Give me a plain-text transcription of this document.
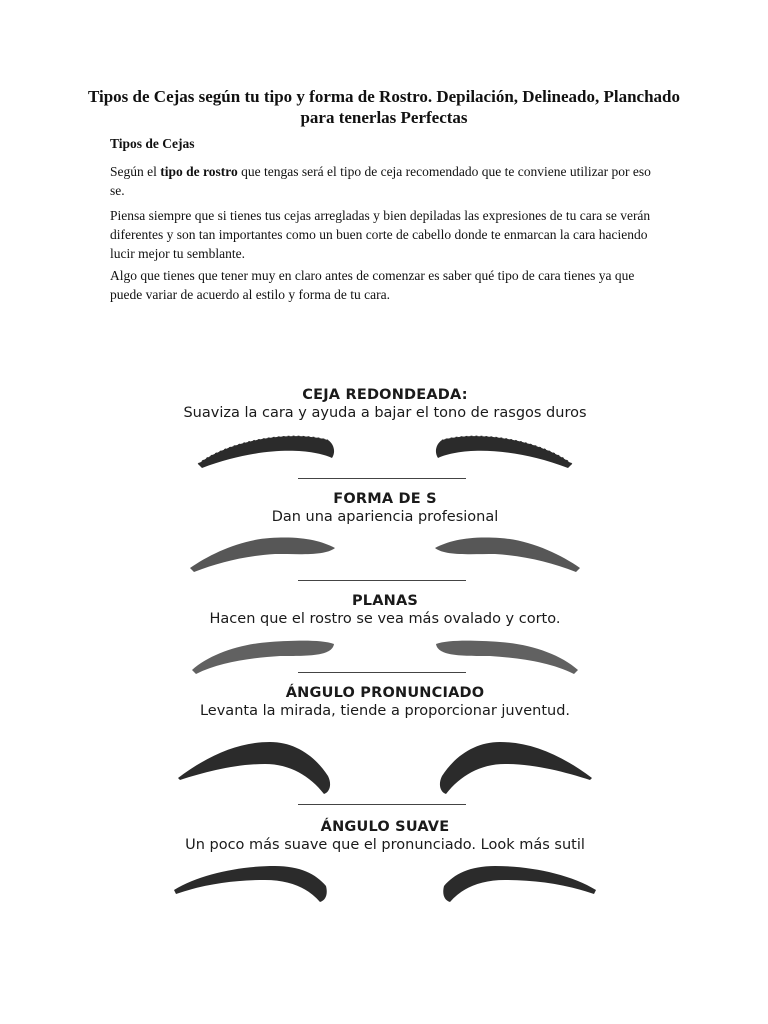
Tipos de Cejas según tu tipo y forma de Rostro. Depilación, Delineado, Planchado para tenerlas Perfectas
Tipos de Cejas

Según el tipo de rostro que tengas será el tipo de ceja recomendado que te conviene utilizar por eso se.

Piensa siempre que si tienes tus cejas arregladas y bien depiladas las expresiones de tu cara se verán diferentes y son tan importantes como un buen corte de cabello donde te enmarcan la cara haciendo lucir mejor tu semblante.

Algo que tienes que tener muy en claro antes de comenzar es saber qué tipo de cara tienes ya que puede variar de acuerdo al estilo y forma de tu cara.

CEJA REDONDEADA:
Suaviza la cara y ayuda a bajar el tono de rasgos duros
FORMA DE S
Dan una apariencia profesional
PLANAS
Hacen que el rostro se vea más ovalado y corto.
ÁNGULO PRONUNCIADO
Levanta la mirada, tiende a proporcionar juventud.
ÁNGULO SUAVE
Un poco más suave que el pronunciado. Look más sutil
